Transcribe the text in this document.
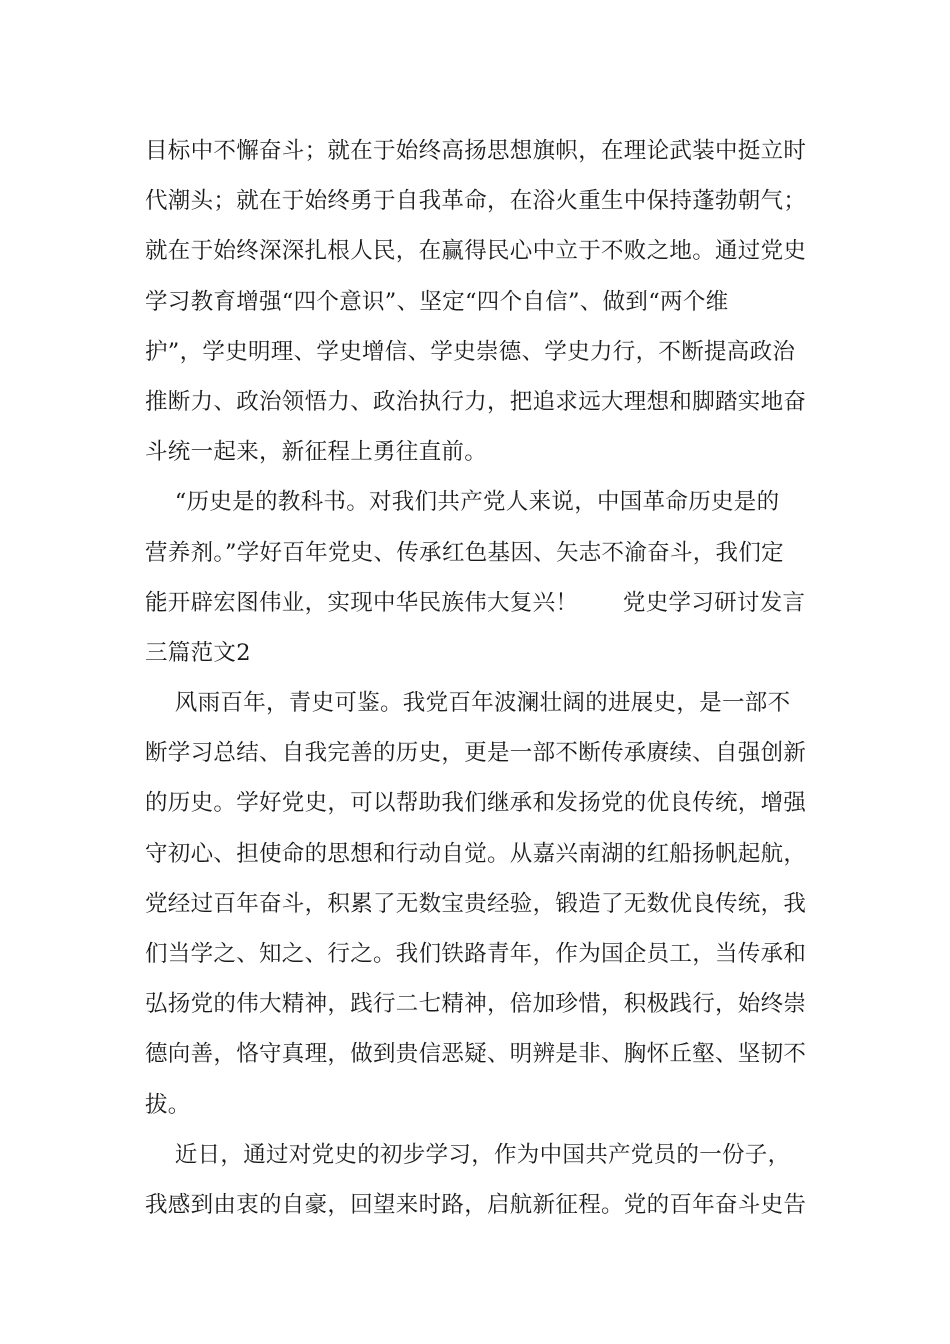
目标中不懈奋斗；就在于始终高扬思想旗帜，在理论武装中挺立时
代潮头；就在于始终勇于自我革命，在浴火重生中保持蓬勃朝气；
就在于始终深深扎根人民，在赢得民心中立于不败之地。通过党史
学习教育增强“四个意识”、坚定“四个自信”、做到“两个维
护”，学史明理、学史增信、学史崇德、学史力行，不断提高政治
推断力、政治领悟力、政治执行力，把追求远大理想和脚踏实地奋
斗统一起来，新征程上勇往直前。
“历史是的教科书。对我们共产党人来说，中国革命历史是的
营养剂。”学好百年党史、传承红色基因、矢志不渝奋斗，我们定
能开辟宏图伟业，实现中华民族伟大复兴！      党史学习研讨发言
三篇范文2
风雨百年，青史可鉴。我党百年波澜壮阔的进展史，是一部不
断学习总结、自我完善的历史，更是一部不断传承赓续、自强创新
的历史。学好党史，可以帮助我们继承和发扬党的优良传统，增强
守初心、担使命的思想和行动自觉。从嘉兴南湖的红船扬帆起航，
党经过百年奋斗，积累了无数宝贵经验，锻造了无数优良传统，我
们当学之、知之、行之。我们铁路青年，作为国企员工，当传承和
弘扬党的伟大精神，践行二七精神，倍加珍惜，积极践行，始终崇
德向善，恪守真理，做到贵信恶疑、明辨是非、胸怀丘壑、坚韧不
拔。
近日，通过对党史的初步学习，作为中国共产党员的一份子，
我感到由衷的自豪，回望来时路，启航新征程。党的百年奋斗史告
